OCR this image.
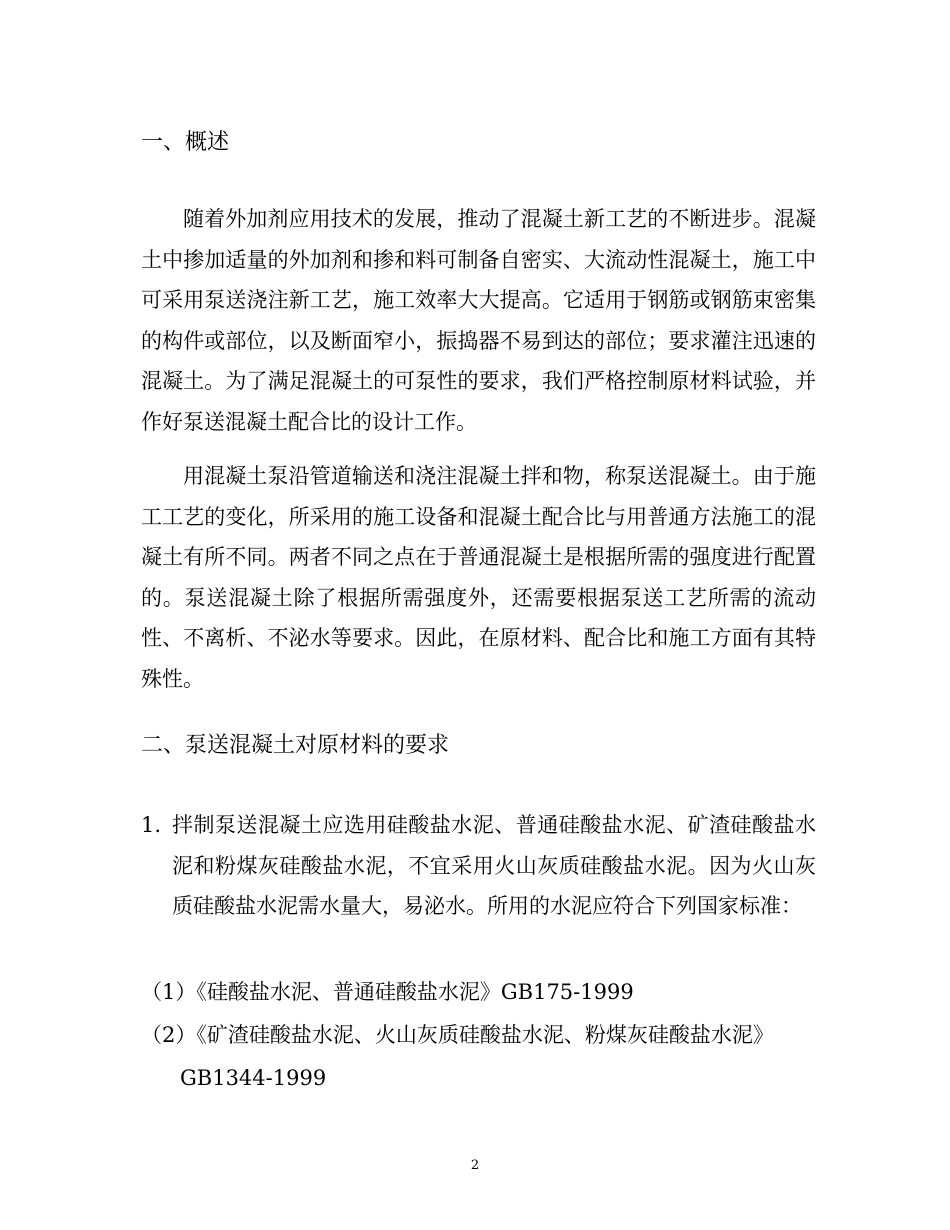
一、概述

随着外加剂应用技术的发展，推动了混凝土新工艺的不断进步。混凝土中掺加适量的外加剂和掺和料可制备自密实、大流动性混凝土，施工中可采用泵送浇注新工艺，施工效率大大提高。它适用于钢筋或钢筋束密集的构件或部位，以及断面窄小，振捣器不易到达的部位；要求灌注迅速的混凝土。为了满足混凝土的可泵性的要求，我们严格控制原材料试验，并作好泵送混凝土配合比的设计工作。

用混凝土泵沿管道输送和浇注混凝土拌和物，称泵送混凝土。由于施工工艺的变化，所采用的施工设备和混凝土配合比与用普通方法施工的混凝土有所不同。两者不同之点在于普通混凝土是根据所需的强度进行配置的。泵送混凝土除了根据所需强度外，还需要根据泵送工艺所需的流动性、不离析、不泌水等要求。因此，在原材料、配合比和施工方面有其特殊性。

二、泵送混凝土对原材料的要求
1. 拌制泵送混凝土应选用硅酸盐水泥、普通硅酸盐水泥、矿渣硅酸盐水泥和粉煤灰硅酸盐水泥，不宜采用火山灰质硅酸盐水泥。因为火山灰质硅酸盐水泥需水量大，易泌水。所用的水泥应符合下列国家标准：
（1）《硅酸盐水泥、普通硅酸盐水泥》GB175-1999
（2）《矿渣硅酸盐水泥、火山灰质硅酸盐水泥、粉煤灰硅酸盐水泥》
GB1344-1999
2
